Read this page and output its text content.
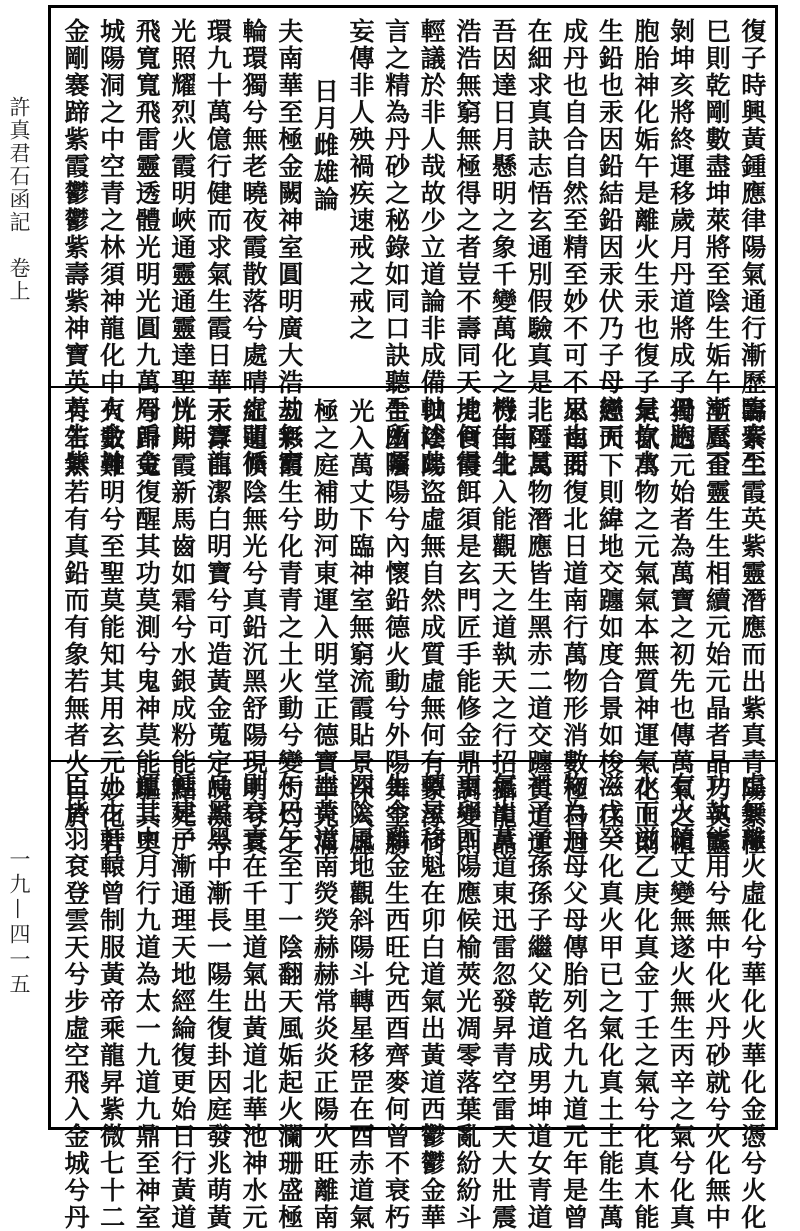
許真君石函記　卷上
一九—四一五
復子時興黃鍾應律陽氣通行漸歷臨泰至
巳則乾剛數盡坤萊將至陰生姤午漸歷否
剝坤亥將終運移歲月丹道將成子母胞
胞胎神化姤午是離火生汞也復子是坎水
生鉛也汞因鉛結鉛因汞伏乃子母戀而
成丹也自合自然至精至妙不可不思也要
在細求真訣志悟玄通別假驗真是非可見
吾因達日月懸明之象千變萬化之機生生
浩浩無窮無極得之者豈不壽同天地何得
輕議於非人哉故少立道論非成備軸述此
言之精為丹砂之秘錄如同口訣聽吾所囑
妄傳非人殃禍疾速戒之戒之
日月雌雄論
夫南華至極金闕神室圓明廣大浩劫無窮
輪環獨兮無老曉夜霞散落兮處晴虛明循
環九十萬億行健而求氣生霞日華天寶龍
光照耀烈火霞明峽通靈通靈達聖恍朗
飛寬寬飛雷靈透體光明光圓九萬周币金
城陽洞之中空青之林須神龍化中有金神
金剛褰蹄紫霞鬱鬱紫壽紫神寶英英生紫
壽紫生霞英紫靈潛應而出紫真青陽紫極
至真至靈生生相續元始元晶者晶乃英靈
獨透元始者為萬寶之初先也傳萬氣之祖
氣氤萬物之元氣氣本無質神運氣化上則
經天下則緯地交躔如度合景如梭一往一
來南而復北日道南行萬物形消數極日迴
北陸萬物潛應皆生黑赤二道交躔黃道運
行南北入能觀天之道執天之行招攝龍晶
虎食霞餌須是玄門匠手能修金鼎調變則
以陰陽盜虛無自然成質虛無何有象涿何
生幽陰陽兮內懷鉛德火動兮外陽舞空勝
光入萬丈下臨神室無窮流霞貼景深入虛
極之庭補助河東運入明堂正德寶華光滿
五彩霞生兮化青青之土火動兮變灼灼之
紅蓮倏陰無光兮真鉛沉黑舒陽現明兮真
汞浮白潔白明寶兮可造黃金蒐定魄凝兮
片片霞新馬齒如霜兮水銀成粉能點死尸
兮歸蒐復醒其功莫測兮鬼神莫能驅其奧
火數難明兮至聖莫能知其用玄元妙化若
有若無若有真鉛而有象若無者火自於
虛無離火虛化兮華化火華化金憑兮火化
功執能用兮無中化火丹砂就兮火化無中
有火隨丈變無遂火無生丙辛之氣兮化真
水而滋乙庚化真金丁壬之氣兮化真木能
滋戊癸化真火甲已之氣化真土土能生萬
物為丹母父母傳胎列名九九道元年是曾
祖子子孫孫子繼父乾道成男坤道女青道
氣出黃道東迅雷忽發昇青空雷天大壯震
東卯四陽應候榆莢光凋零落葉亂紛紛斗
轉星移魁在卯白道氣出黃道西鬱鬱金華
生金雞金生西旺兌西酉齊麥何曾不衰朽
四陰風地觀斜陽斗轉星移罡在酉赤道氣
出黃道南熒熒赫赫常炎炎正陽火旺離南
午巳午至丁一陰翻天風姤起火瀾珊盛極
則衰衰在千里道氣出黃道北華池神水元
烏黑黑中漸長一陽生復卦因庭發兆萌黃
鍾建子漸通理天地經綸復更始日行黃道
運其中月行九道為太一九道九鼎至神室
上古軒轅曾制服黃帝乘龍昇紫微七十二
臣皆羽袞登雲天兮步虛空飛入金城兮丹
